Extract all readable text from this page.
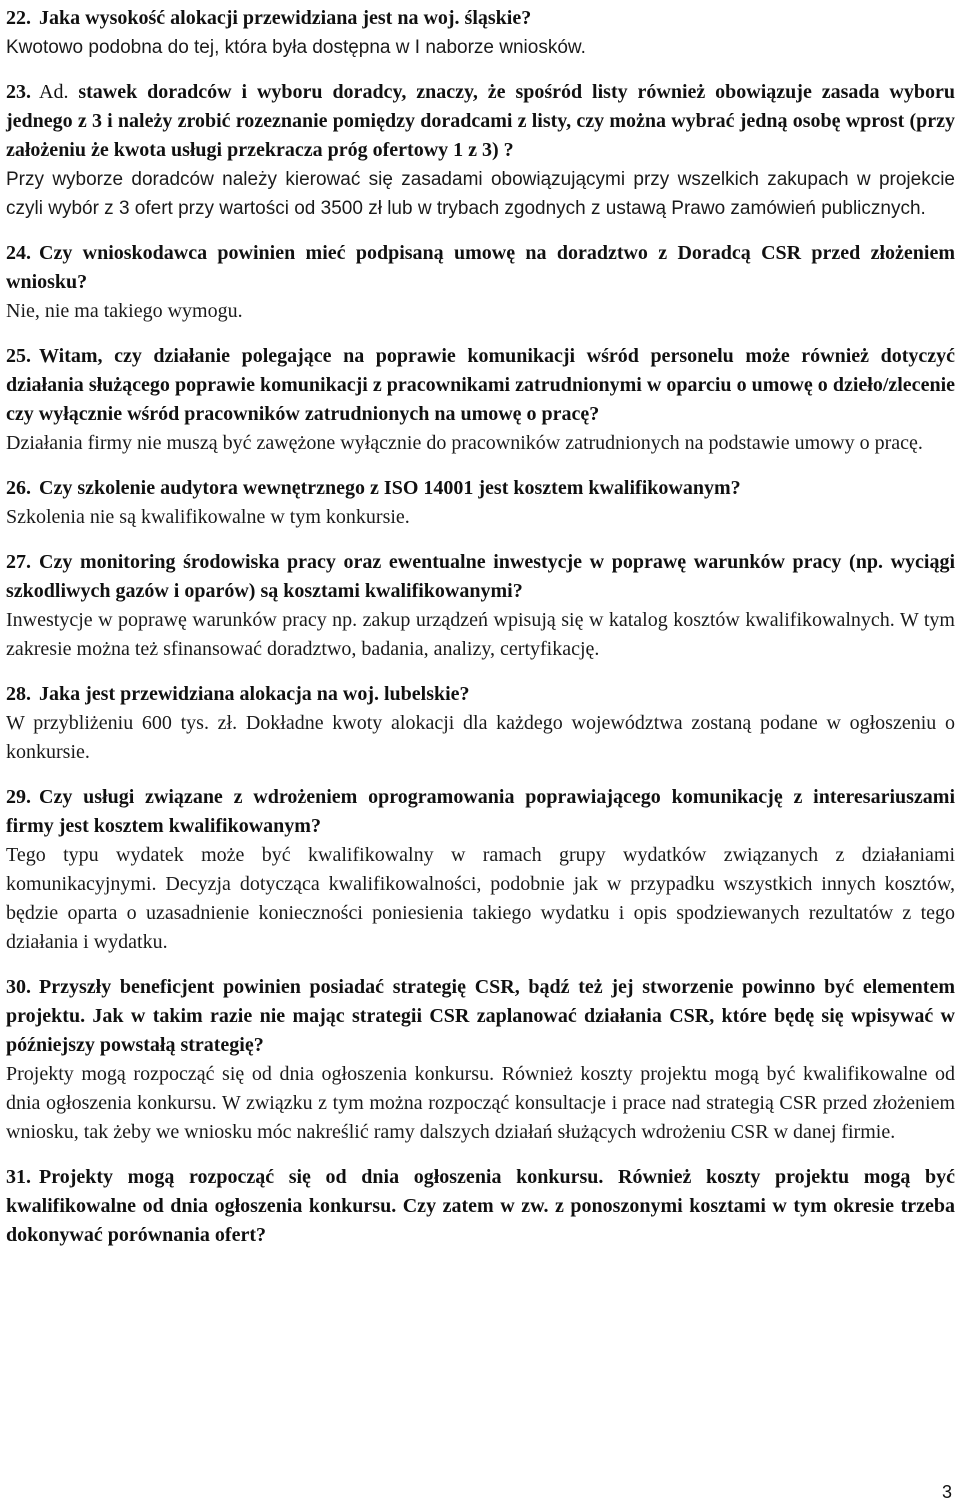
22. Jaka wysokość alokacji przewidziana jest na woj. śląskie?

Kwotowo podobna do tej, która była dostępna w I naborze wniosków.

23. Ad. stawek doradców i wyboru doradcy, znaczy, że spośród listy również obowiązuje zasada wyboru jednego z 3 i należy zrobić rozeznanie pomiędzy doradcami z listy, czy można wybrać jedną osobę wprost (przy założeniu że kwota usługi przekracza próg ofertowy 1 z 3) ?

Przy wyborze doradców należy kierować się zasadami obowiązującymi przy wszelkich zakupach w projekcie czyli wybór z 3 ofert przy wartości od 3500 zł lub w trybach zgodnych z ustawą Prawo zamówień publicznych.

24. Czy wnioskodawca powinien mieć podpisaną umowę na doradztwo z Doradcą CSR przed złożeniem wniosku?

Nie, nie ma takiego wymogu.

25. Witam, czy działanie polegające na poprawie komunikacji wśród personelu może również dotyczyć działania służącego poprawie komunikacji z pracownikami zatrudnionymi w oparciu o umowę o dzieło/zlecenie czy wyłącznie wśród pracowników zatrudnionych na umowę o pracę?

Działania firmy nie muszą być zawężone wyłącznie do pracowników zatrudnionych na podstawie umowy o pracę.

26. Czy szkolenie audytora wewnętrznego z ISO 14001 jest kosztem kwalifikowanym?

Szkolenia nie są kwalifikowalne w tym konkursie.

27. Czy monitoring środowiska pracy oraz ewentualne inwestycje w poprawę warunków pracy (np. wyciągi szkodliwych gazów i oparów) są kosztami kwalifikowanymi?

Inwestycje w poprawę warunków pracy np. zakup urządzeń wpisują się w katalog kosztów kwalifikowalnych. W tym zakresie można też sfinansować doradztwo, badania, analizy, certyfikację.

28. Jaka jest przewidziana alokacja na woj. lubelskie?

W przybliżeniu 600 tys. zł. Dokładne kwoty alokacji dla każdego województwa zostaną podane w ogłoszeniu o konkursie.

29. Czy usługi związane z wdrożeniem oprogramowania poprawiającego komunikację z interesariuszami firmy jest kosztem kwalifikowanym?

Tego typu wydatek może być kwalifikowalny w ramach grupy wydatków związanych z działaniami komunikacyjnymi. Decyzja dotycząca kwalifikowalności, podobnie jak w przypadku wszystkich innych kosztów, będzie oparta o uzasadnienie konieczności poniesienia takiego wydatku i opis spodziewanych rezultatów z tego działania i wydatku.

30. Przyszły beneficjent powinien posiadać strategię CSR, bądź też jej stworzenie powinno być elementem projektu. Jak w takim razie nie mając strategii CSR zaplanować działania CSR, które będę się wpisywać w późniejszy powstałą strategię?

Projekty mogą rozpocząć się od dnia ogłoszenia konkursu. Również koszty projektu mogą być kwalifikowalne od dnia ogłoszenia konkursu. W związku z tym można rozpocząć konsultacje i prace nad strategią CSR przed złożeniem wniosku, tak żeby we wniosku móc nakreślić ramy dalszych działań służących wdrożeniu CSR w danej firmie.

31. Projekty mogą rozpocząć się od dnia ogłoszenia konkursu. Również koszty projektu mogą być kwalifikowalne od dnia ogłoszenia konkursu. Czy zatem w zw. z ponoszonymi kosztami w tym okresie trzeba dokonywać porównania ofert?

3
